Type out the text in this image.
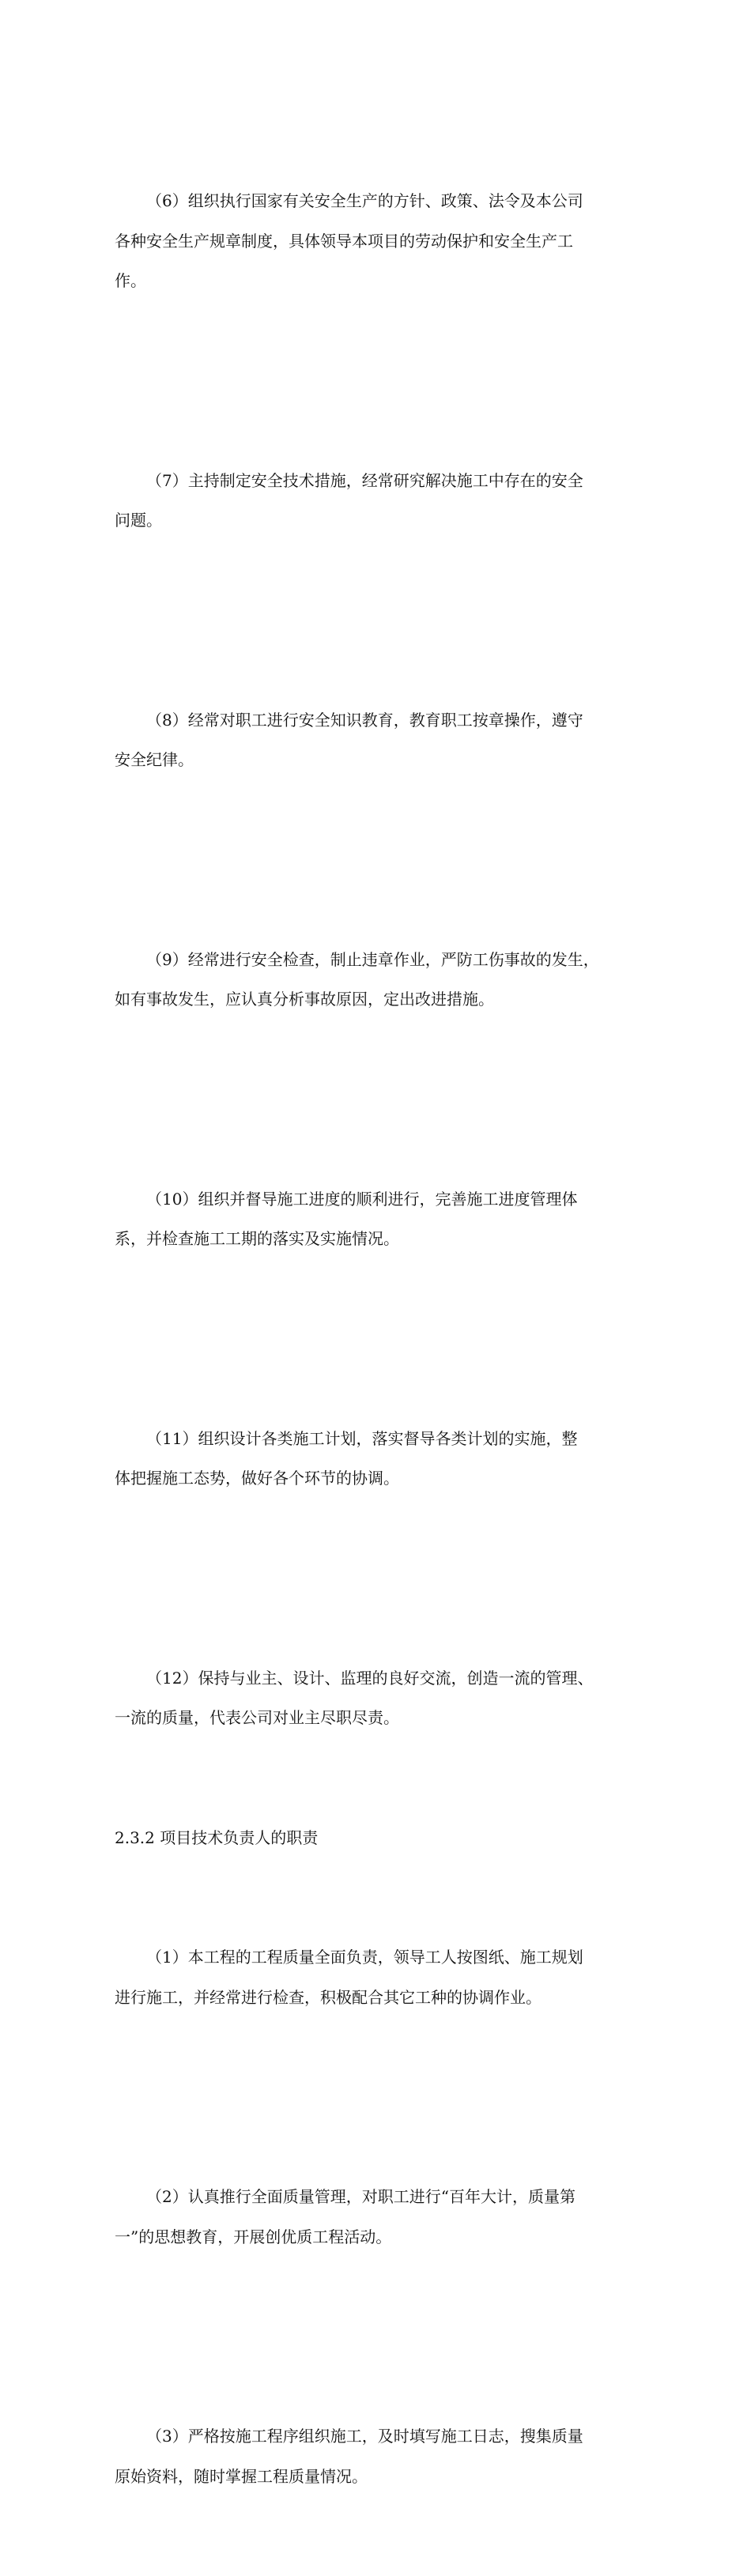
（6）组织执行国家有关安全生产的方针、政策、法令及本公司
各种安全生产规章制度，具体领导本项目的劳动保护和安全生产工
作。

（7）主持制定安全技术措施，经常研究解决施工中存在的安全
问题。

（8）经常对职工进行安全知识教育，教育职工按章操作，遵守
安全纪律。

（9）经常进行安全检查，制止违章作业，严防工伤事故的发生，
如有事故发生，应认真分析事故原因，定出改进措施。

（10）组织并督导施工进度的顺利进行，完善施工进度管理体
系，并检查施工工期的落实及实施情况。

（11）组织设计各类施工计划，落实督导各类计划的实施，整
体把握施工态势，做好各个环节的协调。

（12）保持与业主、设计、监理的良好交流，创造一流的管理、
一流的质量，代表公司对业主尽职尽责。

2.3.2 项目技术负责人的职责

（1）本工程的工程质量全面负责，领导工人按图纸、施工规划
进行施工，并经常进行检查，积极配合其它工种的协调作业。

（2）认真推行全面质量管理，对职工进行“百年大计，质量第
一”的思想教育，开展创优质工程活动。

（3）严格按施工程序组织施工，及时填写施工日志，搜集质量
原始资料，随时掌握工程质量情况。
